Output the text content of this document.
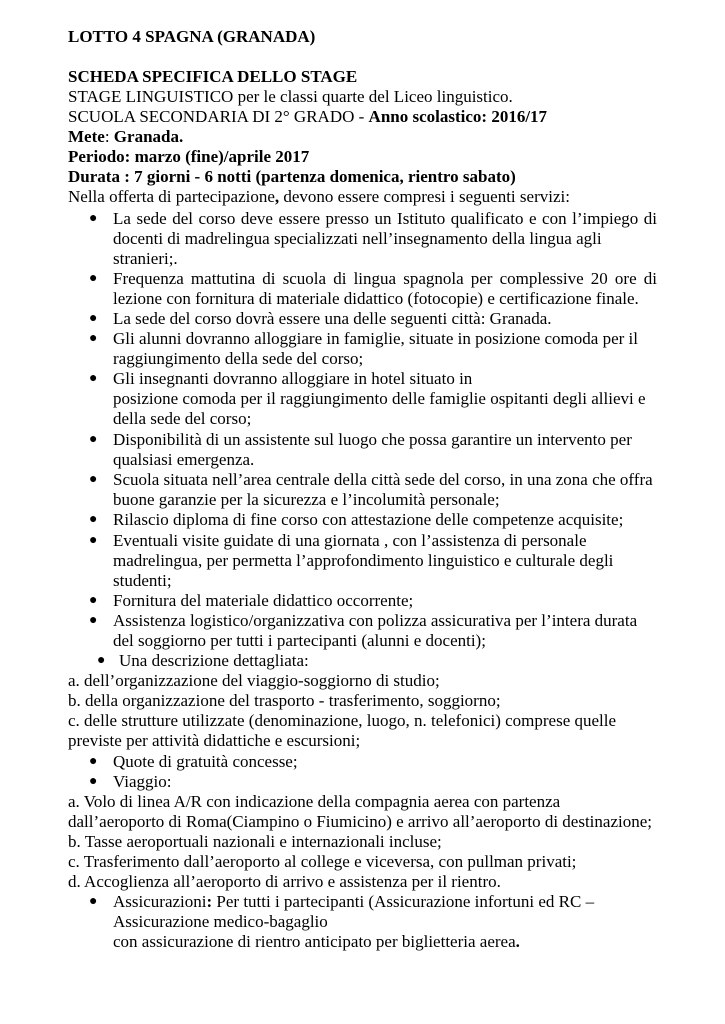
LOTTO 4 SPAGNA (GRANADA)
SCHEDA SPECIFICA DELLO STAGE
STAGE LINGUISTICO per le classi quarte del Liceo linguistico.
SCUOLA SECONDARIA DI 2° GRADO - Anno scolastico: 2016/17
Mete: Granada.
Periodo: marzo (fine)/aprile 2017
Durata : 7 giorni - 6 notti (partenza domenica, rientro sabato)
Nella offerta di partecipazione, devono essere compresi i seguenti servizi:
● La sede del corso deve essere presso un Istituto qualificato e con l’impiego di
docenti di madrelingua specializzati nell’insegnamento della lingua agli
stranieri;.
● Frequenza mattutina di scuola di lingua spagnola per complessive 20 ore di
lezione con fornitura di materiale didattico (fotocopie) e certificazione finale.
● La sede del corso dovrà essere una delle seguenti città: Granada.
● Gli alunni dovranno alloggiare in famiglie, situate in posizione comoda per il
raggiungimento della sede del corso;
● Gli insegnanti dovranno alloggiare in hotel situato in
posizione comoda per il raggiungimento delle famiglie ospitanti degli allievi e
della sede del corso;
● Disponibilità di un assistente sul luogo che possa garantire un intervento per
qualsiasi emergenza.
● Scuola situata nell’area centrale della città sede del corso, in una zona che offra
buone garanzie per la sicurezza e l’incolumità personale;
● Rilascio diploma di fine corso con attestazione delle competenze acquisite;
● Eventuali visite guidate di una giornata , con l’assistenza di personale
madrelingua, per permetta l’approfondimento linguistico e culturale degli
studenti;
● Fornitura del materiale didattico occorrente;
● Assistenza logistico/organizzativa con polizza assicurativa per l’intera durata
del soggiorno per tutti i partecipanti (alunni e docenti);
● Una descrizione dettagliata:
a. dell’organizzazione del viaggio-soggiorno di studio;
b. della organizzazione del trasporto - trasferimento, soggiorno;
c. delle strutture utilizzate (denominazione, luogo, n. telefonici) comprese quelle
previste per attività didattiche e escursioni;
● Quote di gratuità concesse;
● Viaggio:
a. Volo di linea A/R con indicazione della compagnia aerea con partenza
dall’aeroporto di Roma(Ciampino o Fiumicino) e arrivo all’aeroporto di destinazione;
b. Tasse aeroportuali nazionali e internazionali incluse;
c. Trasferimento dall’aeroporto al college e viceversa, con pullman privati;
d. Accoglienza all’aeroporto di arrivo e assistenza per il rientro.
● Assicurazioni: Per tutti i partecipanti (Assicurazione infortuni ed RC –
Assicurazione medico-bagaglio
con assicurazione di rientro anticipato per biglietteria aerea.
